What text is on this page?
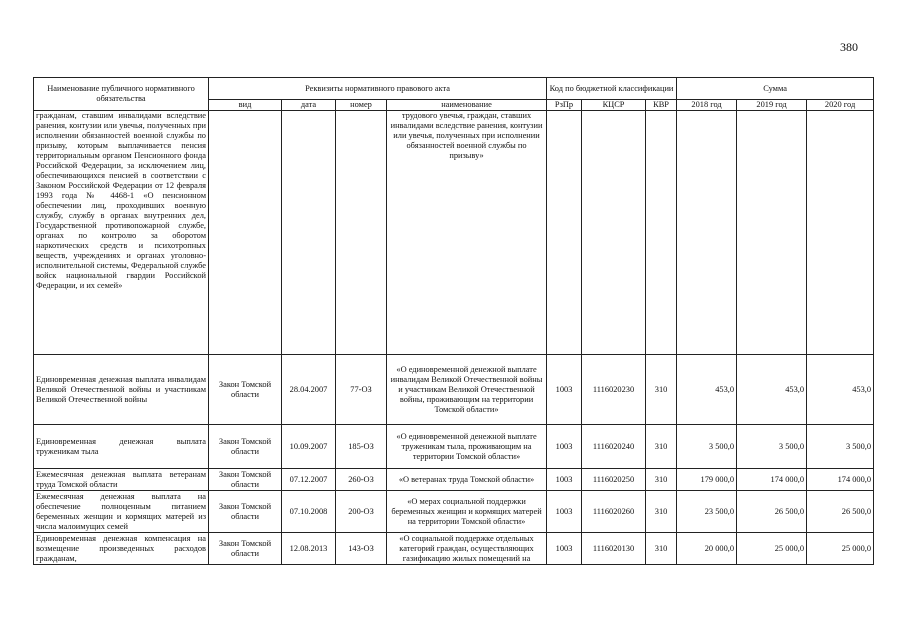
380
Наименование публичного нормативного обязательства	Реквизиты нормативного правового акта				Код по бюджетной классификации			Сумма		
	вид	дата	номер	наименование	РзПр	КЦСР	КВР	2018 год	2019 год	2020 год
гражданам, ставшим инвалидами вследствие ранения, контузии или увечья, полученных при исполнении обязанностей военной службы по призыву, которым выплачивается пенсия территориальным органом Пенсионного фонда Российской Федерации, за исключением лиц, обеспечивающихся пенсией в соответствии с Законом Российской Федерации от 12 февраля 1993 года № 4468-1 «О пенсионном обеспечении лиц, проходивших военную службу, службу в органах внутренних дел, Государственной противопожарной службе, органах по контролю за оборотом наркотических средств и психотропных веществ, учреждениях и органах уголовно-исполнительной системы, Федеральной службе войск национальной гвардии Российской Федерации, и их семей»				трудового увечья, граждан, ставших инвалидами вследствие ранения, контузии или увечья, полученных при исполнении обязанностей военной службы по призыву»						
Единовременная денежная выплата инвалидам Великой Отечественной войны и участникам Великой Отечественной войны	Закон Томской области	28.04.2007	77-ОЗ	«О единовременной денежной выплате инвалидам Великой Отечественной войны и участникам Великой Отечественной войны, проживающим на территории Томской области»	1003	1116020230	310	453,0	453,0	453,0
Единовременная денежная выплата труженикам тыла	Закон Томской области	10.09.2007	185-ОЗ	«О единовременной денежной выплате труженикам тыла, проживающим на территории Томской области»	1003	1116020240	310	3 500,0	3 500,0	3 500,0
Ежемесячная денежная выплата ветеранам труда Томской области	Закон Томской области	07.12.2007	260-ОЗ	«О ветеранах труда Томской области»	1003	1116020250	310	179 000,0	174 000,0	174 000,0
Ежемесячная денежная выплата на обеспечение полноценным питанием беременных женщин и кормящих матерей из числа малоимущих семей	Закон Томской области	07.10.2008	200-ОЗ	«О мерах социальной поддержки беременных женщин и кормящих матерей на территории Томской области»	1003	1116020260	310	23 500,0	26 500,0	26 500,0
Единовременная денежная компенсация на возмещение произведенных расходов гражданам,	Закон Томской области	12.08.2013	143-ОЗ	«О социальной поддержке отдельных категорий граждан, осуществляющих газификацию жилых помещений на	1003	1116020130	310	20 000,0	25 000,0	25 000,0
